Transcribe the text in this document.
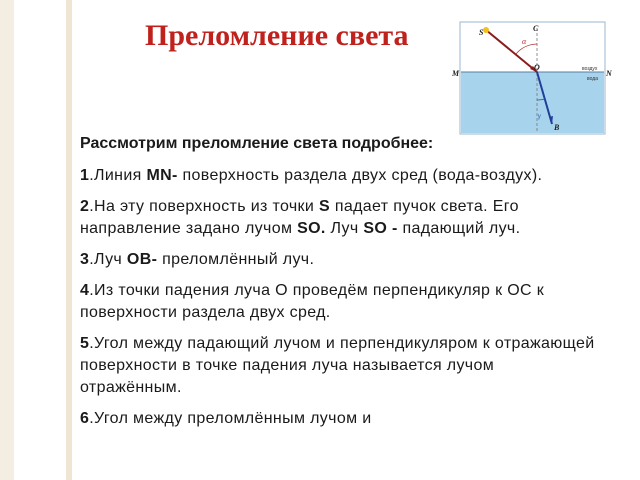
Преломление света	S	C
α
M
O
N
воздух
вода
γ
B

Рассмотрим преломление света подробнее:

1.Линия MN- поверхность раздела двух сред (вода-воздух).

2.На эту поверхность из точки S падает пучок света. Его направление задано лучом SO. Луч SO - падающий луч.

3.Луч OB- преломлённый луч.

4.Из точки падения луча О проведём перпендикуляр к ОС к поверхности раздела двух сред.

5.Угол между падающий лучом и перпендикуляром к отражающей поверхности в точке падения луча называется лучом отражённым.

6.Угол между преломлённым лучом и
